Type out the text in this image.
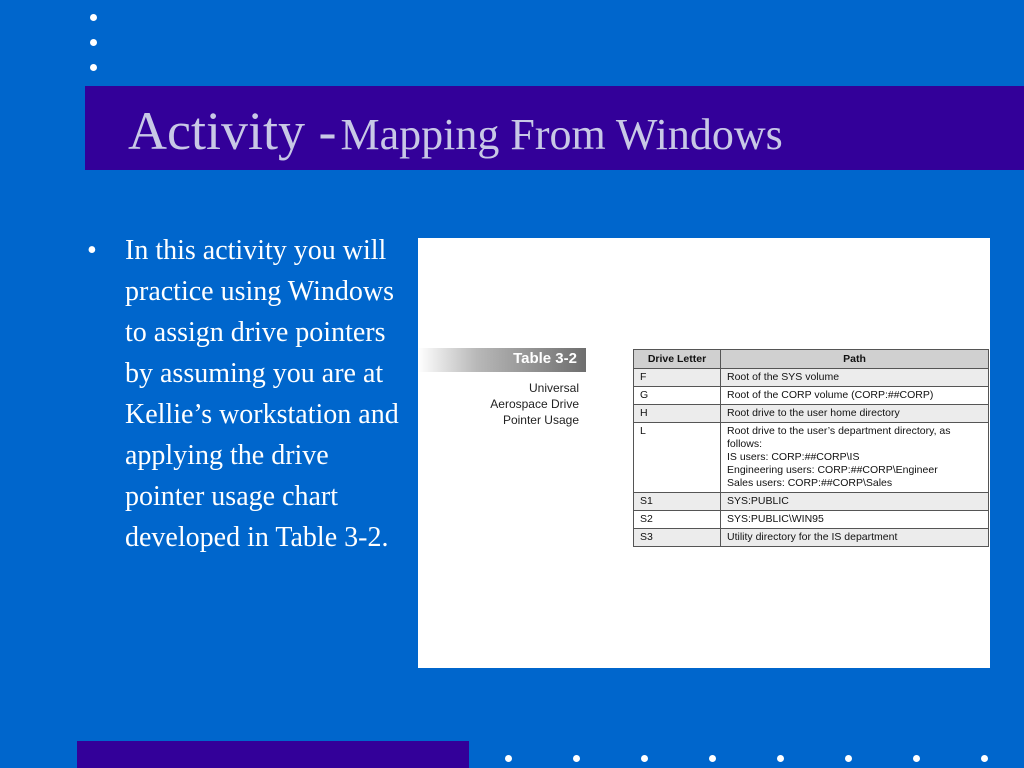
Activity - Mapping From Windows
• In this activity you will practice using Windows to assign drive pointers by assuming you are at Kellie’s workstation and applying the drive pointer usage chart developed in Table 3-2.
Table 3-2
Universal
Aerospace Drive
Pointer Usage
Drive Letter	Path
F	Root of the SYS volume

G	Root of the CORP volume (CORP:##CORP)

H	Root drive to the user home directory

L	Root drive to the user’s department directory, as
follows:
IS users: CORP:##CORP\IS
Engineering users: CORP:##CORP\Engineer
Sales users: CORP:##CORP\Sales

S1	SYS:PUBLIC

S2	SYS:PUBLIC\WIN95

S3	Utility directory for the IS department
